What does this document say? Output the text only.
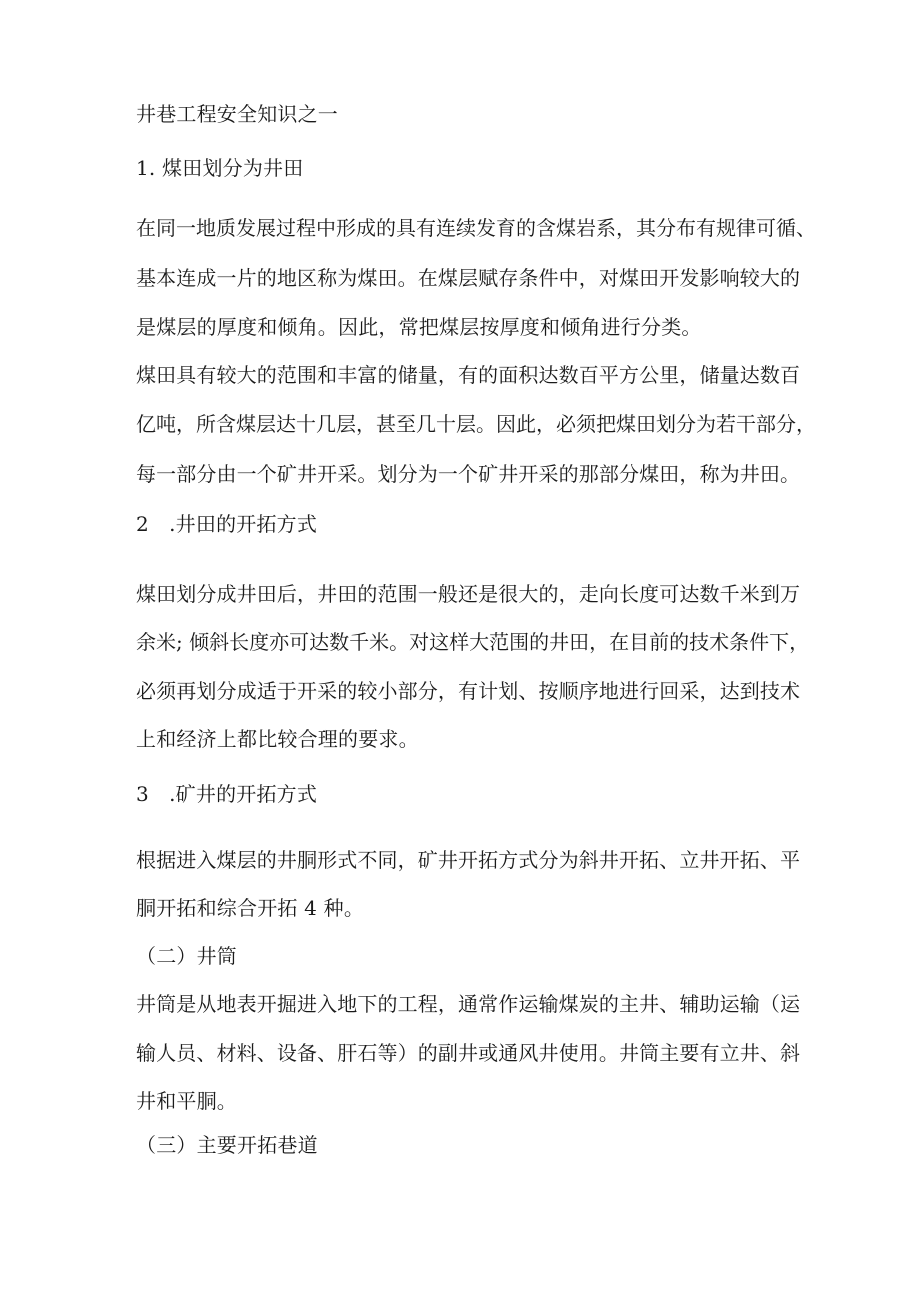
井巷工程安全知识之一
1. 煤田划分为井田
在同一地质发展过程中形成的具有连续发育的含煤岩系，其分布有规律可循、
基本连成一片的地区称为煤田。在煤层赋存条件中，对煤田开发影响较大的
是煤层的厚度和倾角。因此，常把煤层按厚度和倾角进行分类。
煤田具有较大的范围和丰富的储量，有的面积达数百平方公里，储量达数百
亿吨，所含煤层达十几层，甚至几十层。因此，必须把煤田划分为若干部分，
每一部分由一个矿井开采。划分为一个矿井开采的那部分煤田，称为井田。
2　.井田的开拓方式
煤田划分成井田后，井田的范围一般还是很大的，走向长度可达数千米到万
余米; 倾斜长度亦可达数千米。对这样大范围的井田，在目前的技术条件下，
必须再划分成适于开采的较小部分，有计划、按顺序地进行回采，达到技术
上和经济上都比较合理的要求。
3　.矿井的开拓方式
根据进入煤层的井胴形式不同，矿井开拓方式分为斜井开拓、立井开拓、平
胴开拓和综合开拓 4 种。
（二）井筒
井筒是从地表开掘进入地下的工程，通常作运输煤炭的主井、辅助运输（运
输人员、材料、设备、肝石等）的副井或通风井使用。井筒主要有立井、斜
井和平胴。
（三）主要开拓巷道
